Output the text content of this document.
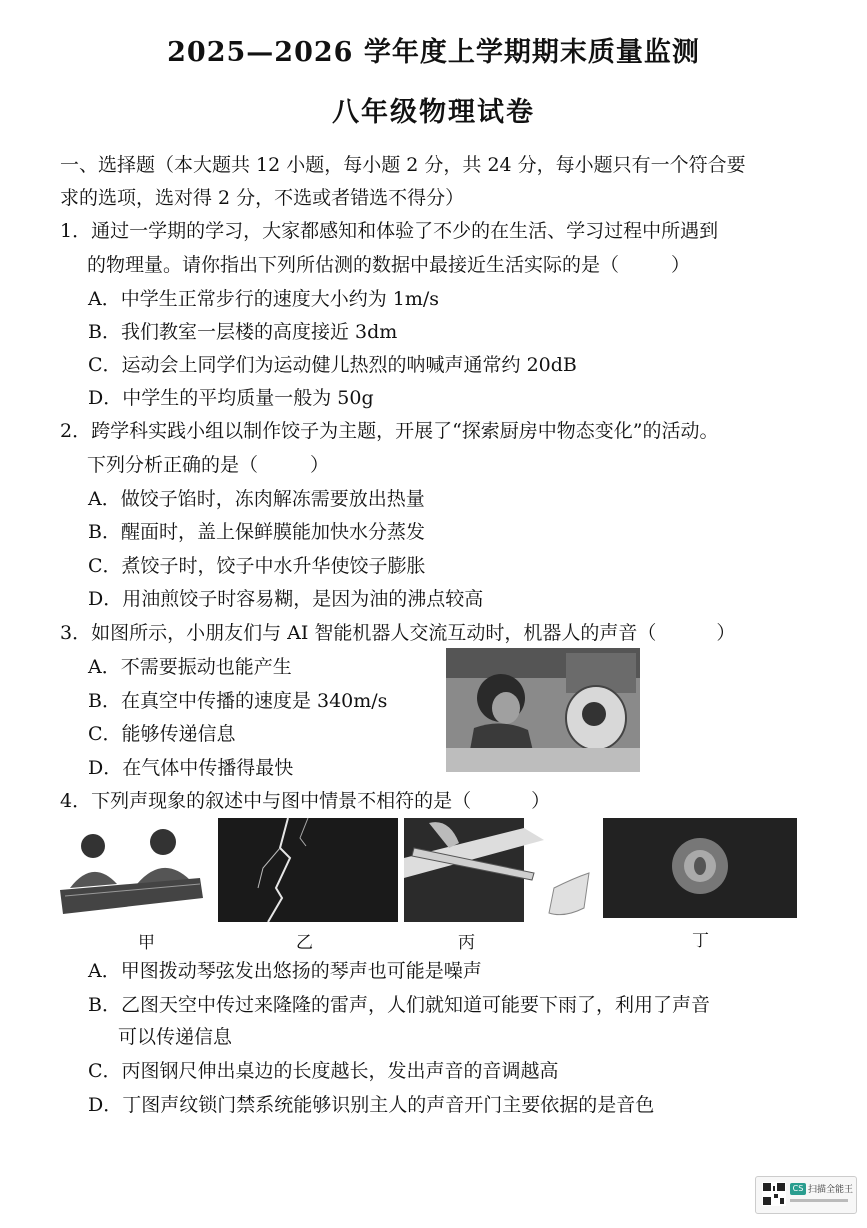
2025—2026 学年度上学期期末质量监测
八年级物理试卷
一、选择题（本大题共 12 小题，每小题 2 分，共 24 分，每小题只有一个符合要
求的选项，选对得 2 分，不选或者错选不得分）
1．通过一学期的学习，大家都感知和体验了不少的在生活、学习过程中所遇到
的物理量。请你指出下列所估测的数据中最接近生活实际的是（	）
A．中学生正常步行的速度大小约为 1m/s
B．我们教室一层楼的高度接近 3dm
C．运动会上同学们为运动健儿热烈的呐喊声通常约 20dB
D．中学生的平均质量一般为 50g
2．跨学科实践小组以制作饺子为主题，开展了“探索厨房中物态变化”的活动。
下列分析正确的是（	）
A．做饺子馅时，冻肉解冻需要放出热量
B．醒面时，盖上保鲜膜能加快水分蒸发
C．煮饺子时，饺子中水升华使饺子膨胀
D．用油煎饺子时容易糊，是因为油的沸点较高
3．如图所示，小朋友们与 AI 智能机器人交流互动时，机器人的声音（	）
A．不需要振动也能产生
B．在真空中传播的速度是 340m/s
C．能够传递信息
D．在气体中传播得最快
4．下列声现象的叙述中与图中情景不相符的是（	）
甲	乙	丙	丁
A．甲图拨动琴弦发出悠扬的琴声也可能是噪声
B．乙图天空中传过来隆隆的雷声，人们就知道可能要下雨了，利用了声音
可以传递信息
C．丙图钢尺伸出桌边的长度越长，发出声音的音调越高
D．丁图声纹锁门禁系统能够识别主人的声音开门主要依据的是音色
CS 扫描全能王
